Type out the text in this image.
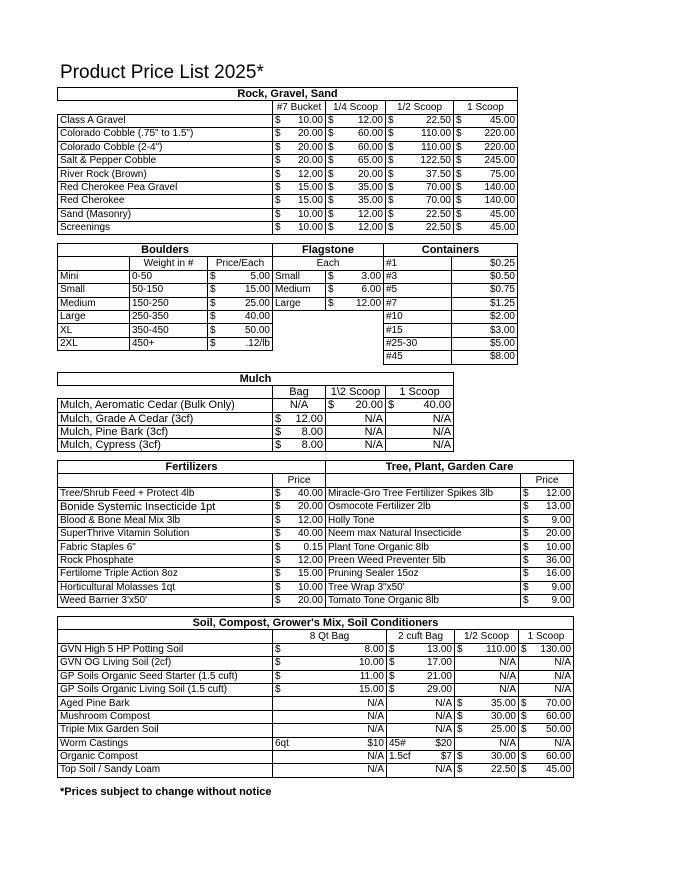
Product Price List 2025*
Rock, Gravel, Sand				
	#7 Bucket	1/4 Scoop	1/2 Scoop	1 Scoop
Class A Gravel	$ 10.00	$ 12.00	$ 22.50	$ 45.00

Colorado Cobble (.75" to 1.5")	$ 20.00	$ 60.00	$ 110.00	$ 220.00

Colorado Cobble (2-4")	$ 20.00	$ 60.00	$ 110.00	$ 220.00

Salt & Pepper Cobble	$ 20.00	$ 65.00	$ 122.50	$ 245.00

River Rock (Brown)	$ 12.00	$ 20.00	$ 37.50	$ 75.00

Red Cherokee Pea Gravel	$ 15.00	$ 35.00	$ 70.00	$ 140.00

Red Cherokee	$ 15.00	$ 35.00	$ 70.00	$ 140.00

Sand (Masonry)	$ 10.00	$ 12.00	$ 22.50	$ 45.00

Screenings	$ 10.00	$ 12.00	$ 22.50	$ 45.00
Boulders		
	Weight in #	Price/Each
Mini	0-50	$ 5.00

Small	50-150	$ 15.00

Medium	150-250	$ 25.00

Large	250-350	$ 40.00

XL	350-450	$ 50.00

2XL	450+	$ .12/lb
Flagstone	
Each	
Small	$ 3.00

Medium	$ 6.00

Large	$ 12.00
Containers	
#1	$0.25
#3	$0.50
#5	$0.75
#7	$1.25
#10	$2.00
#15	$3.00
#25-30	$5.00
#45	$8.00
Mulch			
	Bag	1\2 Scoop	1 Scoop
Mulch, Aeromatic Cedar (Bulk Only)	N/A	$ 20.00	$ 40.00

Mulch, Grade A Cedar (3cf)	$ 12.00	N/A	N/A
Mulch, Pine Bark (3cf)	$ 8.00	N/A	N/A
Mulch, Cypress (3cf)	$ 8.00	N/A	N/A
Fertilizers		Tree, Plant, Garden Care	
	Price		Price
Tree/Shrub Feed + Protect 4lb	$ 40.00	Miracle-Gro Tree Fertilizer Spikes 3lb	$ 12.00

Bonide Systemic Insecticide 1pt	$ 20.00	Osmocote Fertilizer 2lb	$ 13.00

Blood & Bone Meal Mix 3lb	$ 12.00	Holly Tone	$ 9.00

SuperThrive Vitamin Solution	$ 40.00	Neem max Natural Insecticide	$ 20.00

Fabric Staples 6"	$ 0.15	Plant Tone Organic 8lb	$ 10.00

Rock Phosphate	$ 12.00	Preen Weed Preventer 5lb	$ 36.00

Fertilome Triple Action 8oz	$ 15.00	Pruning Sealer 15oz	$ 16.00

Horticultural Molasses 1qt	$ 10.00	Tree Wrap 3"x50'	$ 9.00

Weed Barrier 3'x50'	$ 20.00	Tomato Tone Organic 8lb	$ 9.00
Soil, Compost, Grower's Mix, Soil Conditioners				
	8 Qt Bag	2 cuft Bag	1/2 Scoop	1 Scoop
GVN High 5 HP Potting Soil	$ 8.00	$ 13.00	$ 110.00	$ 130.00

GVN OG Living Soil (2cf)	$ 10.00	$ 17.00	N/A	N/A

GP Soils Organic Seed Starter (1.5 cuft)	$ 11.00	$ 21.00	N/A	N/A

GP Soils Organic Living Soil (1.5 cuft)	$ 15.00	$ 29.00	N/A	N/A

Aged Pine Bark	N/A	N/A	$ 35.00	$ 70.00

Mushroom Compost	N/A	N/A	$ 30.00	$ 60.00

Triple Mix Garden Soil	N/A	N/A	$ 25.00	$ 50.00

Worm Castings	6qt $10	45# $20	N/A	N/A

Organic Compost	N/A	1.5cf $7	$ 30.00	$ 60.00

Top Soil / Sandy Loam	N/A	N/A	$ 22.50	$ 45.00
*Prices subject to change without notice
